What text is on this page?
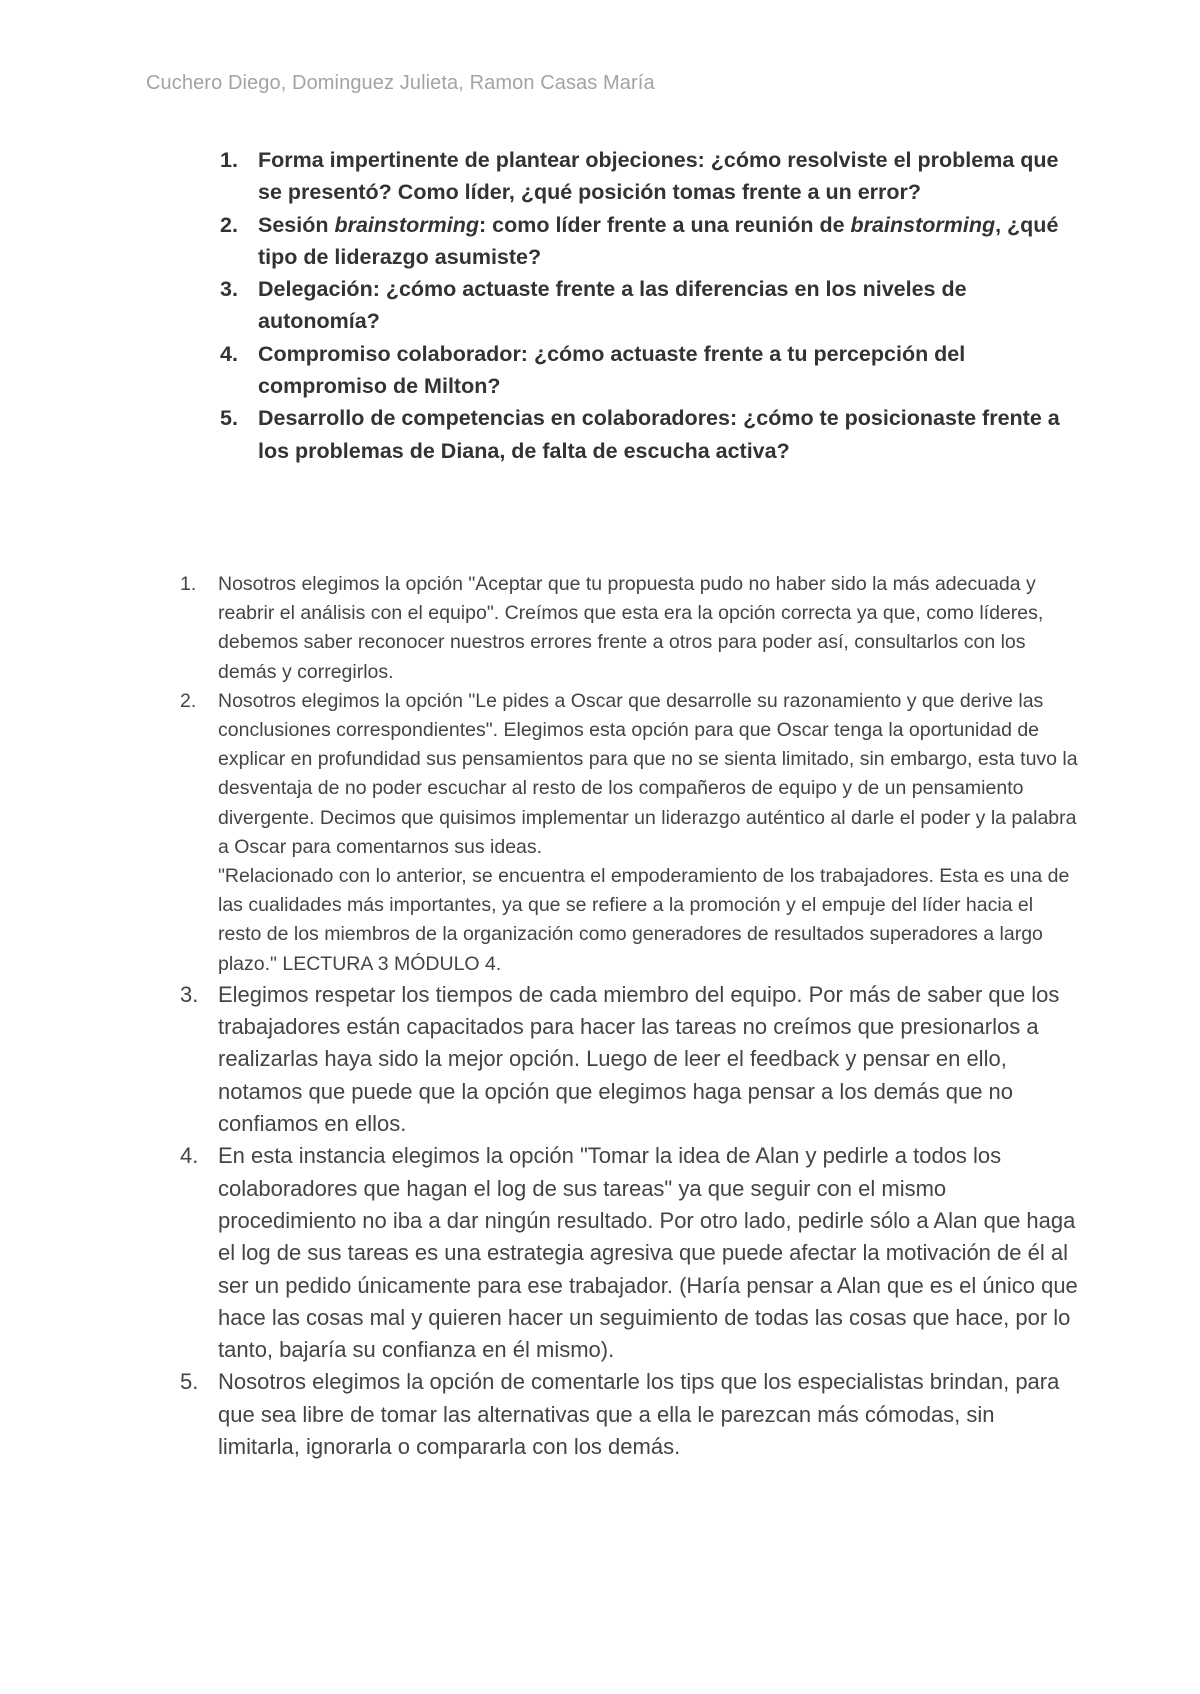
Cuchero Diego, Dominguez Julieta, Ramon Casas María
1. Forma impertinente de plantear objeciones: ¿cómo resolviste el problema que se presentó? Como líder, ¿qué posición tomas frente a un error?
2. Sesión brainstorming: como líder frente a una reunión de brainstorming, ¿qué tipo de liderazgo asumiste?
3. Delegación: ¿cómo actuaste frente a las diferencias en los niveles de autonomía?
4. Compromiso colaborador: ¿cómo actuaste frente a tu percepción del compromiso de Milton?
5. Desarrollo de competencias en colaboradores: ¿cómo te posicionaste frente a los problemas de Diana, de falta de escucha activa?
1. Nosotros elegimos la opción "Aceptar que tu propuesta pudo no haber sido la más adecuada y reabrir el análisis con el equipo". Creímos que esta era la opción correcta ya que, como líderes, debemos saber reconocer nuestros errores frente a otros para poder así, consultarlos con los demás y corregirlos.
2. Nosotros elegimos la opción "Le pides a Oscar que desarrolle su razonamiento y que derive las conclusiones correspondientes". Elegimos esta opción para que Oscar tenga la oportunidad de explicar en profundidad sus pensamientos para que no se sienta limitado, sin embargo, esta tuvo la desventaja de no poder escuchar al resto de los compañeros de equipo y de un pensamiento divergente. Decimos que quisimos implementar un liderazgo auténtico al darle el poder y la palabra a Oscar para comentarnos sus ideas.
"Relacionado con lo anterior, se encuentra el empoderamiento de los trabajadores. Esta es una de las cualidades más importantes, ya que se refiere a la promoción y el empuje del líder hacia el resto de los miembros de la organización como generadores de resultados superadores a largo plazo." LECTURA 3 MÓDULO 4.
3. Elegimos respetar los tiempos de cada miembro del equipo. Por más de saber que los trabajadores están capacitados para hacer las tareas no creímos que presionarlos a realizarlas haya sido la mejor opción. Luego de leer el feedback y pensar en ello, notamos que puede que la opción que elegimos haga pensar a los demás que no confiamos en ellos.
4. En esta instancia elegimos la opción "Tomar la idea de Alan y pedirle a todos los colaboradores que hagan el log de sus tareas" ya que seguir con el mismo procedimiento no iba a dar ningún resultado. Por otro lado, pedirle sólo a Alan que haga el log de sus tareas es una estrategia agresiva que puede afectar la motivación de él al ser un pedido únicamente para ese trabajador. (Haría pensar a Alan que es el único que hace las cosas mal y quieren hacer un seguimiento de todas las cosas que hace, por lo tanto, bajaría su confianza en él mismo).
5. Nosotros elegimos la opción de comentarle los tips que los especialistas brindan, para que sea libre de tomar las alternativas que a ella le parezcan más cómodas, sin limitarla, ignorarla o compararla con los demás.
